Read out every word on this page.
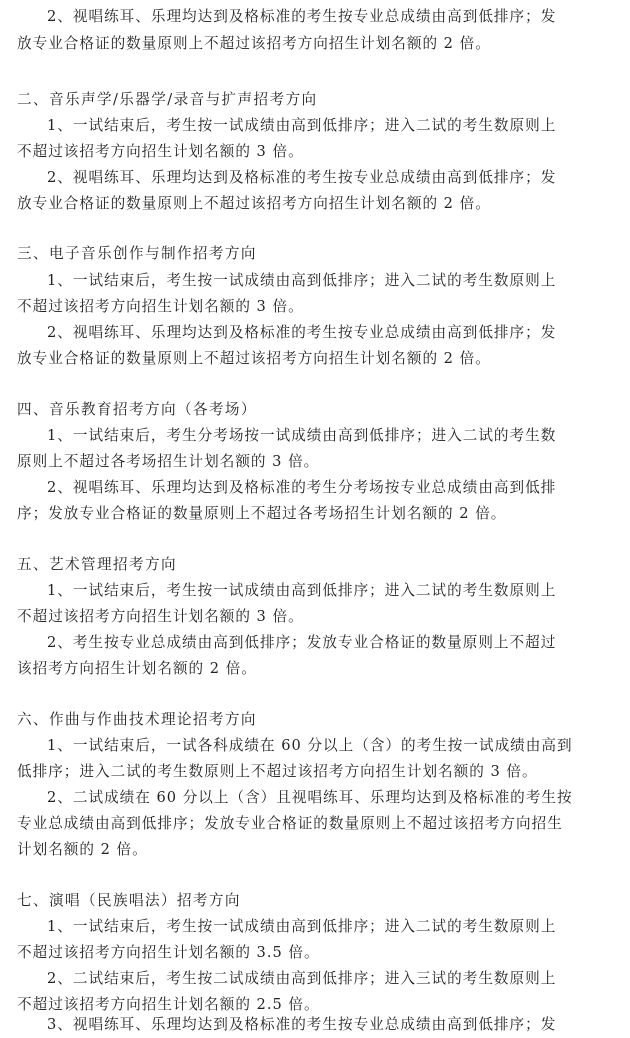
2、视唱练耳、乐理均达到及格标准的考生按专业总成绩由高到低排序；发
放专业合格证的数量原则上不超过该招考方向招生计划名额的 2 倍。
二、音乐声学/乐器学/录音与扩声招考方向
1、一试结束后，考生按一试成绩由高到低排序；进入二试的考生数原则上
不超过该招考方向招生计划名额的 3 倍。
2、视唱练耳、乐理均达到及格标准的考生按专业总成绩由高到低排序；发
放专业合格证的数量原则上不超过该招考方向招生计划名额的 2 倍。
三、电子音乐创作与制作招考方向
1、一试结束后，考生按一试成绩由高到低排序；进入二试的考生数原则上
不超过该招考方向招生计划名额的 3 倍。
2、视唱练耳、乐理均达到及格标准的考生按专业总成绩由高到低排序；发
放专业合格证的数量原则上不超过该招考方向招生计划名额的 2 倍。
四、音乐教育招考方向（各考场）
1、一试结束后，考生分考场按一试成绩由高到低排序；进入二试的考生数
原则上不超过各考场招生计划名额的 3 倍。
2、视唱练耳、乐理均达到及格标准的考生分考场按专业总成绩由高到低排
序；发放专业合格证的数量原则上不超过各考场招生计划名额的 2 倍。
五、艺术管理招考方向
1、一试结束后，考生按一试成绩由高到低排序；进入二试的考生数原则上
不超过该招考方向招生计划名额的 3 倍。
2、考生按专业总成绩由高到低排序；发放专业合格证的数量原则上不超过
该招考方向招生计划名额的 2 倍。
六、作曲与作曲技术理论招考方向
1、一试结束后，一试各科成绩在 60 分以上（含）的考生按一试成绩由高到
低排序；进入二试的考生数原则上不超过该招考方向招生计划名额的 3 倍。
2、二试成绩在 60 分以上（含）且视唱练耳、乐理均达到及格标准的考生按
专业总成绩由高到低排序；发放专业合格证的数量原则上不超过该招考方向招生
计划名额的 2 倍。
七、演唱（民族唱法）招考方向
1、一试结束后，考生按一试成绩由高到低排序；进入二试的考生数原则上
不超过该招考方向招生计划名额的 3.5 倍。
2、二试结束后，考生按二试成绩由高到低排序；进入三试的考生数原则上
不超过该招考方向招生计划名额的 2.5 倍。
3、视唱练耳、乐理均达到及格标准的考生按专业总成绩由高到低排序；发
